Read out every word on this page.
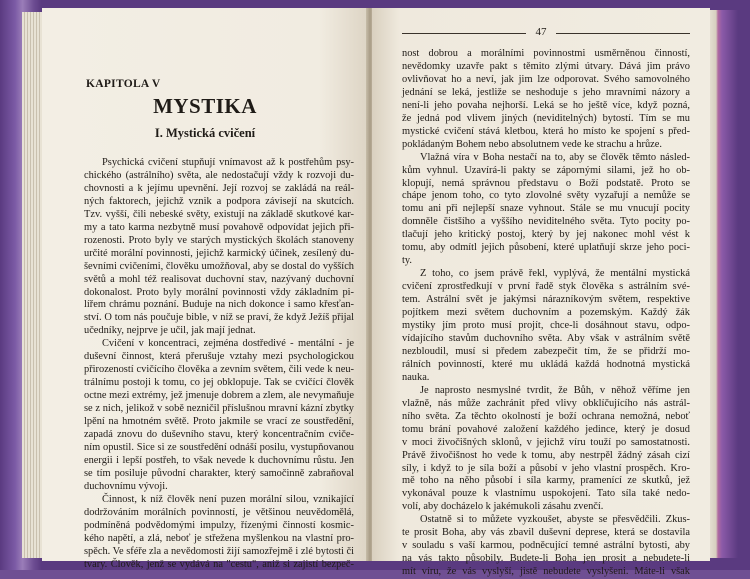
KAPITOLA V
MYSTIKA
I. Mystická cvičení
Psychická cvičení stupňují vnímavost až k postřehům psy-
chického (astrálního) světa, ale nedostačují vždy k rozvoji du-
chovnosti a k jejímu upevnění. Její rozvoj se zakládá na reál-
ných faktorech, jejichž vznik a podpora závisejí na skutcích.
Tzv. vyšší, čili nebeské světy, existují na základě skutkové kar-
my a tato karma nezbytně musí povahově odpovídat jejich při-
rozenosti. Proto byly ve starých mystických školách stanoveny
určité morální povinnosti, jejichž karmický účinek, zesílený du-
ševními cvičeními, člověku umožňoval, aby se dostal do vyšších
světů a mohl též realisovat duchovní stav, nazývaný duchovní
dokonalost. Proto byly morální povinnosti vždy základním pi-
lířem chrámu poznání. Buduje na nich dokonce i samo křesťan-
ství. O tom nás poučuje bible, v níž se praví, že když Ježíš přijal
učedníky, nejprve je učil, jak mají jednat.
Cvičení v koncentraci, zejména dostředivé - mentální - je
duševní činnost, která přerušuje vztahy mezi psychologickou
přirozeností cvičícího člověka a zevním světem, čili vede k neu-
trálnímu postoji k tomu, co jej obklopuje. Tak se cvičící člověk
octne mezi extrémy, jež jmenuje dobrem a zlem, ale nevymaňuje
se z nich, jelikož v sobě nezničil příslušnou mravní kázní zbytky
lpění na hmotném světě. Proto jakmile se vrací ze soustředění,
zapadá znovu do duševního stavu, který koncentračním cviče-
ním opustil. Sice si ze soustředění odnáší posilu, vystupňovanou
energii i lepší postřeh, to však nevede k duchovnímu růstu. Jen
se tím posiluje původní charakter, který samočinně zabraňoval
duchovnímu vývoji.
Činnost, k níž člověk není puzen morální silou, vznikající
dodržováním morálních povinností, je většinou neuvědomělá,
podmíněná podvědomými impulzy, řízenými činností kosmic-
kého napětí, a zlá, neboť je střežena myšlenkou na vlastní pro-
spěch. Ve sféře zla a nevědomosti žijí samozřejmě i zlé bytosti či
tvary. Člověk, jenž se vydává na "cestu", aniž si zajistí bezpeč-
47
nost dobrou a morálními povinnostmi usměrněnou činností,
nevědomky uzavře pakt s těmito zlými útvary. Dává jim právo
ovlivňovat ho a neví, jak jim lze odporovat. Svého samovolného
jednání se leká, jestliže se neshoduje s jeho mravními názory a
není-li jeho povaha nejhorší. Leká se ho ještě více, když pozná,
že jedná pod vlivem jiných (neviditelných) bytostí. Tím se mu
mystické cvičení stává kletbou, která ho místo ke spojení s před-
pokládaným Bohem nebo absolutnem vede ke strachu a hrůze.
Vlažná víra v Boha nestačí na to, aby se člověk těmto násled-
kům vyhnul. Uzavírá-li pakty se zápornými silami, jež ho ob-
klopují, nemá správnou představu o Boží podstatě. Proto se
chápe jenom toho, co tyto zlovolné světy vyzařují a nemůže se
tomu ani při nejlepší snaze vyhnout. Stále se mu vnucují pocity
domněle čistšího a vyššího neviditelného světa. Tyto pocity po-
tlačují jeho kritický postoj, který by jej nakonec mohl vést k
tomu, aby odmítl jejich působení, které uplatňují skrze jeho poci-
ty.
Z toho, co jsem právě řekl, vyplývá, že mentální mystická
cvičení zprostředkují v první řadě styk člověka s astrálním své-
tem. Astrální svět je jakýmsi nárazníkovým světem, respektive
pojítkem mezi světem duchovním a pozemským. Každý žák
mystiky jím proto musí projít, chce-li dosáhnout stavu, odpo-
vídajícího stavům duchovního světa. Aby však v astrálním světě
nezbloudil, musí si předem zabezpečit tím, že se přidrží mo-
rálních povinností, které mu ukládá každá hodnotná mystická
nauka.
Je naprosto nesmyslné tvrdit, že Bůh, v něhož věříme jen
vlažně, nás může zachránit před vlivy obklíčujícího nás astrál-
ního světa. Za těchto okolností je boží ochrana nemožná, neboť
tomu brání povahové založení každého jedince, který je dosud
v moci živočišných sklonů, v jejichž víru touží po samostatnosti.
Právě živočišnost ho vede k tomu, aby nestrpěl žádný zásah cizí
síly, i když to je síla boží a působí v jeho vlastní prospěch. Kro-
mě toho na něho působí i síla karmy, pramenící ze skutků, jež
vykonával pouze k vlastnímu uspokojení. Tato síla také nedo-
volí, aby docházelo k jakémukoli zásahu zvenčí.
Ostatně si to můžete vyzkoušet, abyste se přesvědčili. Zkus-
te prosit Boha, aby vás zbavil duševní deprese, která se dostavila
v souladu s vaší karmou, podněcující temné astrální bytosti, aby
na vás takto působily. Budete-li Boha jen prosit a nebudete-li
mít víru, že vás vyslyší, jistě nebudete vyslyšeni. Máte-li však
